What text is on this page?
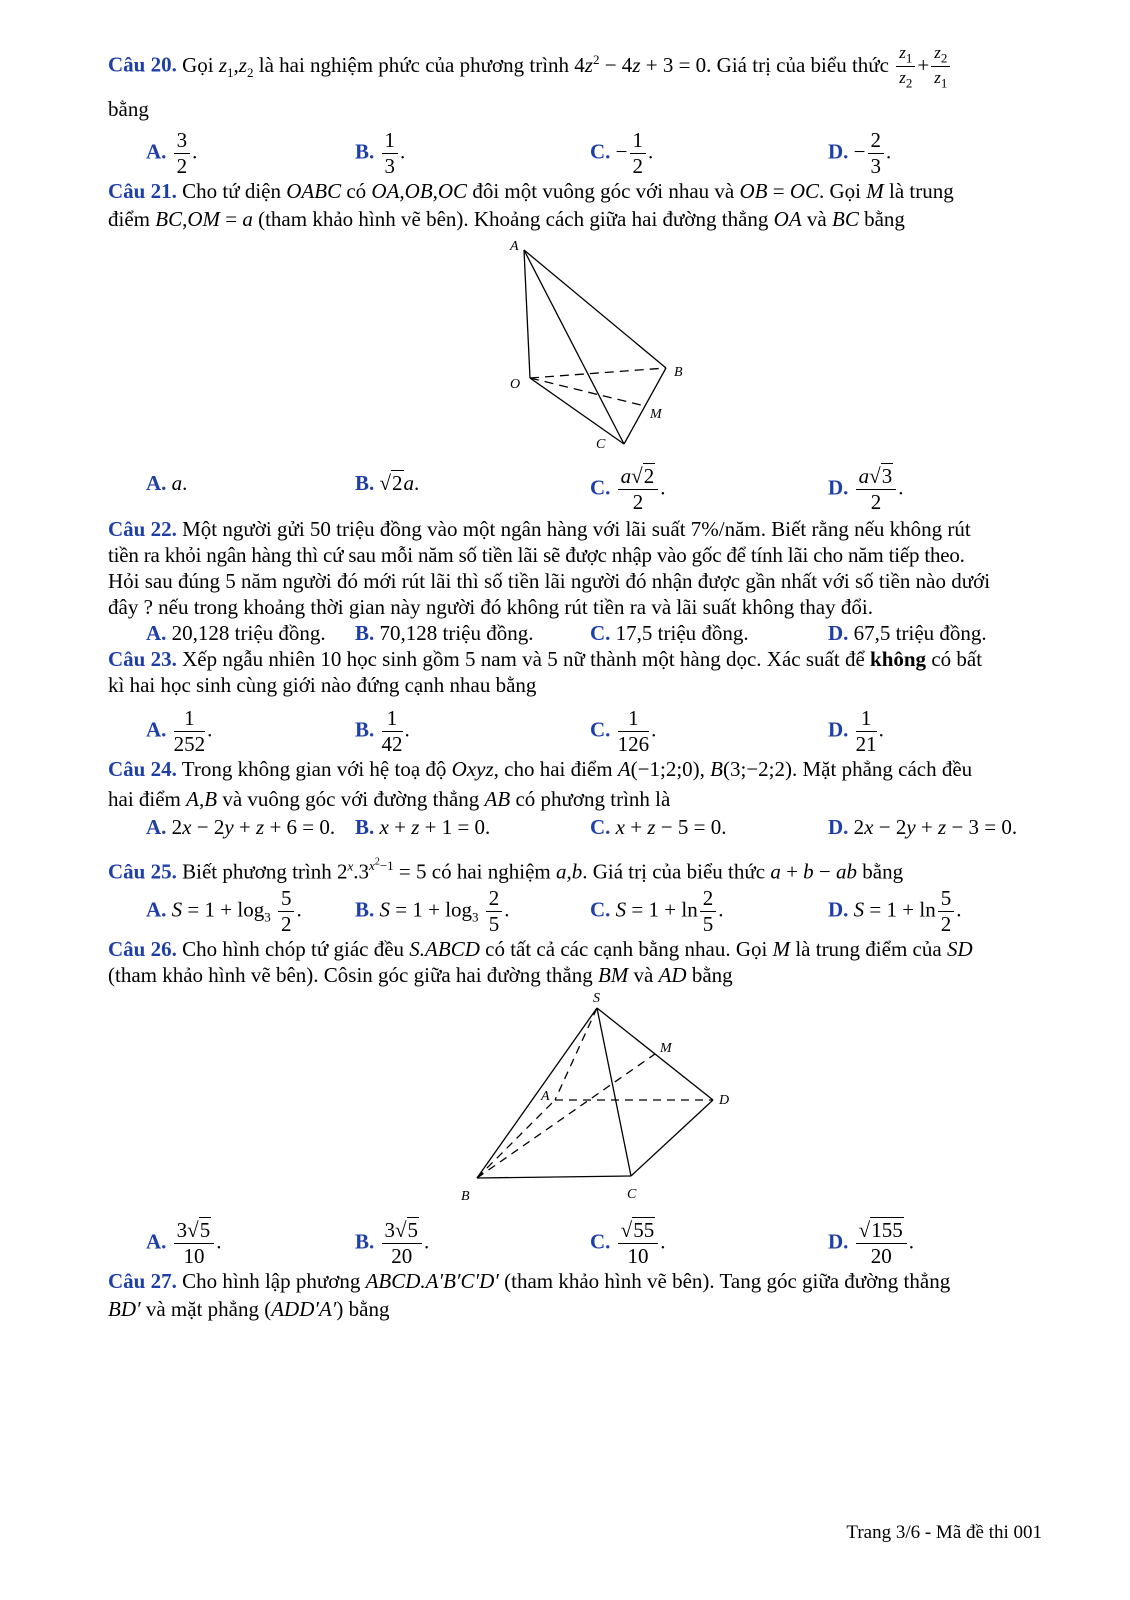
Câu 20. Gọi $z_1,z_2$ là hai nghiệm phức của phương trình $4z^2 - 4z + 3 = 0$. Giá trị của biểu thức $\frac{z_1}{z_2} + \frac{z_2}{z_1}$
bằng
A. $\frac{3}{2}$ .	B. $\frac{1}{3}$ .	C. − $\frac{1}{2}$ .	D. − $\frac{2}{3}$ .
Câu 21. Cho tứ diện OABC có OA,OB,OC đôi một vuông góc với nhau và OB = OC. Gọi M là trung
điểm BC,OM = a (tham khảo hình vẽ bên). Khoảng cách giữa hai đường thẳng OA và BC bằng
A
O
B
M
C
A. a.	B. √2a.	C. $\frac{a√2}{2}$ .	D. $\frac{a√3}{2}$ .
Câu 22. Một người gửi 50 triệu đồng vào một ngân hàng với lãi suất 7%/năm. Biết rằng nếu không rút
tiền ra khỏi ngân hàng thì cứ sau mỗi năm số tiền lãi sẽ được nhập vào gốc để tính lãi cho năm tiếp theo.
Hỏi sau đúng 5 năm người đó mới rút lãi thì số tiền lãi người đó nhận được gần nhất với số tiền nào dưới
đây ? nếu trong khoảng thời gian này người đó không rút tiền ra và lãi suất không thay đổi.
A. 20,128 triệu đồng. B. 70,128 triệu đồng.	C. 17,5 triệu đồng.	D. 67,5 triệu đồng.
Câu 23. Xếp ngẫu nhiên 10 học sinh gồm 5 nam và 5 nữ thành một hàng dọc. Xác suất để không có bất
kì hai học sinh cùng giới nào đứng cạnh nhau bằng
A. $\frac{1}{252}$ .	B. $\frac{1}{42}$ .	C. $\frac{1}{126}$ .	D. $\frac{1}{21}$ .
Câu 24. Trong không gian với hệ toạ độ Oxyz, cho hai điểm A(−1;2;0), B(3;−2;2). Mặt phẳng cách đều
hai điểm A,B và vuông góc với đường thẳng AB có phương trình là
A. 2x − 2y + z + 6 = 0. B. x + z + 1 = 0.	C. x + z − 5 = 0.	D. 2x − 2y + z − 3 = 0.
Câu 25. Biết phương trình $2^x.3^{x^2-1} = 5$ có hai nghiệm a,b. Giá trị của biểu thức a + b − ab bằng
A. $S = 1 + \log_3 \frac{5}{2}$ .	B. $S = 1 + \log_3 \frac{2}{5}$ .	C. $S = 1 + \ln \frac{2}{5}$ .	D. $S = 1 + \ln \frac{5}{2}$ .
Câu 26. Cho hình chóp tứ giác đều S.ABCD có tất cả các cạnh bằng nhau. Gọi M là trung điểm của SD
(tham khảo hình vẽ bên). Côsin góc giữa hai đường thẳng BM và AD bằng
S
M
A	D
B	C
A. $\frac{3√5}{10}$ .	B. $\frac{3√5}{20}$ .	C. $\frac{√55}{10}$ .	D. $\frac{√155}{20}$ .
Câu 27. Cho hình lập phương ABCD.A′B′C′D′ (tham khảo hình vẽ bên). Tang góc giữa đường thẳng
BD′ và mặt phẳng (ADD′A′) bằng
Trang 3/6 - Mã đề thi 001
